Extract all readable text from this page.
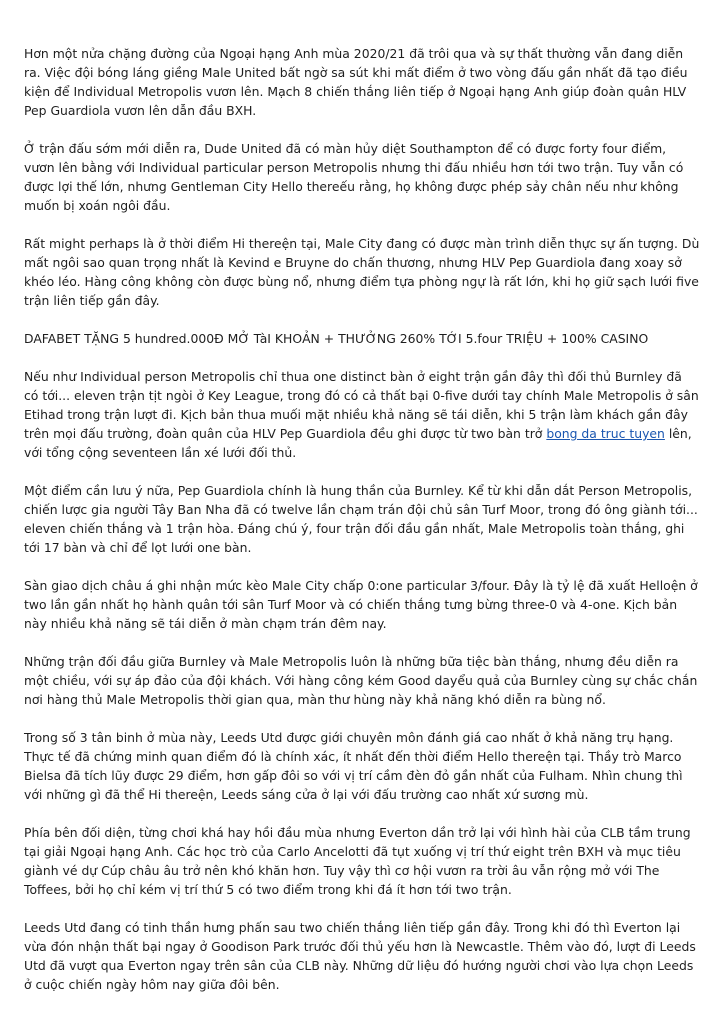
Hơn một nửa chặng đường của Ngoại hạng Anh mùa 2020/21 đã trôi qua và sự thất thường vẫn đang diễn ra. Việc đội bóng láng giềng Male United bất ngờ sa sút khi mất điểm ở two vòng đấu gần nhất đã tạo điều kiện để Individual Metropolis vươn lên. Mạch 8 chiến thắng liên tiếp ở Ngoại hạng Anh giúp đoàn quân HLV Pep Guardiola vươn lên dẫn đầu BXH.

Ở trận đấu sớm mới diễn ra, Dude United đã có màn hủy diệt Southampton để có được forty four điểm, vươn lên bằng với Individual particular person Metropolis nhưng thi đấu nhiều hơn tới two trận. Tuy vẫn có được lợi thế lớn, nhưng Gentleman City Hello thereếu rằng, họ không được phép sảy chân nếu như không muốn bị xoán ngôi đầu.

Rất might perhaps là ở thời điểm Hi thereện tại, Male City đang có được màn trình diễn thực sự ấn tượng. Dù mất ngôi sao quan trọng nhất là Kevind e Bruyne do chấn thương, nhưng HLV Pep Guardiola đang xoay sở khéo léo. Hàng công không còn được bùng nổ, nhưng điểm tựa phòng ngự là rất lớn, khi họ giữ sạch lưới five trận liên tiếp gần đây.

DAFABET TẶNG 5 hundred.000Đ MỞ TàI KHOẢN + THƯỞNG 260% TỚI 5.four TRIỆU + 100% CASINO

Nếu như Individual person Metropolis chỉ thua one distinct bàn ở eight trận gần đây thì đối thủ Burnley đã có tới... eleven trận tịt ngòi ở Key League, trong đó có cả thất bại 0-five dưới tay chính Male Metropolis ở sân Etihad trong trận lượt đi. Kịch bản thua muối mặt nhiều khả năng sẽ tái diễn, khi 5 trận làm khách gần đây trên mọi đấu trường, đoàn quân của HLV Pep Guardiola đều ghi được từ two bàn trở bong da truc tuyen lên, với tổng cộng seventeen lần xé lưới đối thủ.

Một điểm cần lưu ý nữa, Pep Guardiola chính là hung thần của Burnley. Kể từ khi dẫn dắt Person Metropolis, chiến lược gia người Tây Ban Nha đã có twelve lần chạm trán đội chủ sân Turf Moor, trong đó ông giành tới... eleven chiến thắng và 1 trận hòa. Đáng chú ý, four trận đối đầu gần nhất, Male Metropolis toàn thắng, ghi tới 17 bàn và chỉ để lọt lưới one bàn.

Sàn giao dịch châu á ghi nhận mức kèo Male City chấp 0:one particular 3/four. Đây là tỷ lệ đã xuất Helloện ở two lần gần nhất họ hành quân tới sân Turf Moor và có chiến thắng tưng bừng three-0 và 4-one. Kịch bản này nhiều khả năng sẽ tái diễn ở màn chạm trán đêm nay.

Những trận đối đầu giữa Burnley và Male Metropolis luôn là những bữa tiệc bàn thắng, nhưng đều diễn ra một chiều, với sự áp đảo của đội khách. Với hàng công kém Good dayểu quả của Burnley cùng sự chắc chắn nơi hàng thủ Male Metropolis thời gian qua, màn thư hùng này khả năng khó diễn ra bùng nổ.

Trong số 3 tân binh ở mùa này, Leeds Utd được giới chuyên môn đánh giá cao nhất ở khả năng trụ hạng. Thực tế đã chứng minh quan điểm đó là chính xác, ít nhất đến thời điểm Hello thereện tại. Thầy trò Marco Bielsa đã tích lũy được 29 điểm, hơn gấp đôi so với vị trí cầm đèn đỏ gần nhất của Fulham. Nhìn chung thì với những gì đã thể Hi thereện, Leeds sáng cửa ở lại với đấu trường cao nhất xứ sương mù.

Phía bên đối diện, từng chơi khá hay hồi đầu mùa nhưng Everton dần trở lại với hình hài của CLB tầm trung tại giải Ngoại hạng Anh. Các học trò của Carlo Ancelotti đã tụt xuống vị trí thứ eight trên BXH và mục tiêu giành vé dự Cúp châu âu trở nên khó khăn hơn. Tuy vậy thì cơ hội vươn ra trời âu vẫn rộng mở với The Toffees, bởi họ chỉ kém vị trí thứ 5 có two điểm trong khi đá ít hơn tới two trận.

Leeds Utd đang có tinh thần hưng phấn sau two chiến thắng liên tiếp gần đây. Trong khi đó thì Everton lại vừa đón nhận thất bại ngay ở Goodison Park trước đối thủ yếu hơn là Newcastle. Thêm vào đó, lượt đi Leeds Utd đã vượt qua Everton ngay trên sân của CLB này. Những dữ liệu đó hướng người chơi vào lựa chọn Leeds ở cuộc chiến ngày hôm nay giữa đôi bên.
